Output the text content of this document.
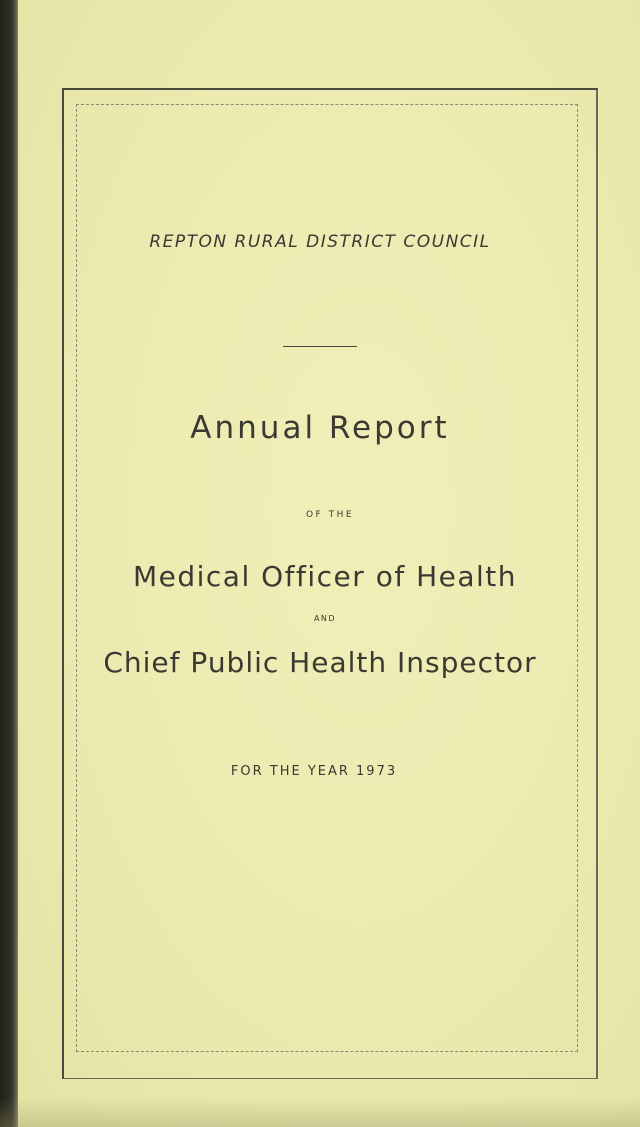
REPTON RURAL DISTRICT COUNCIL
Annual Report
OF THE
Medical Officer of Health
AND
Chief Public Health Inspector
FOR THE YEAR 1973
